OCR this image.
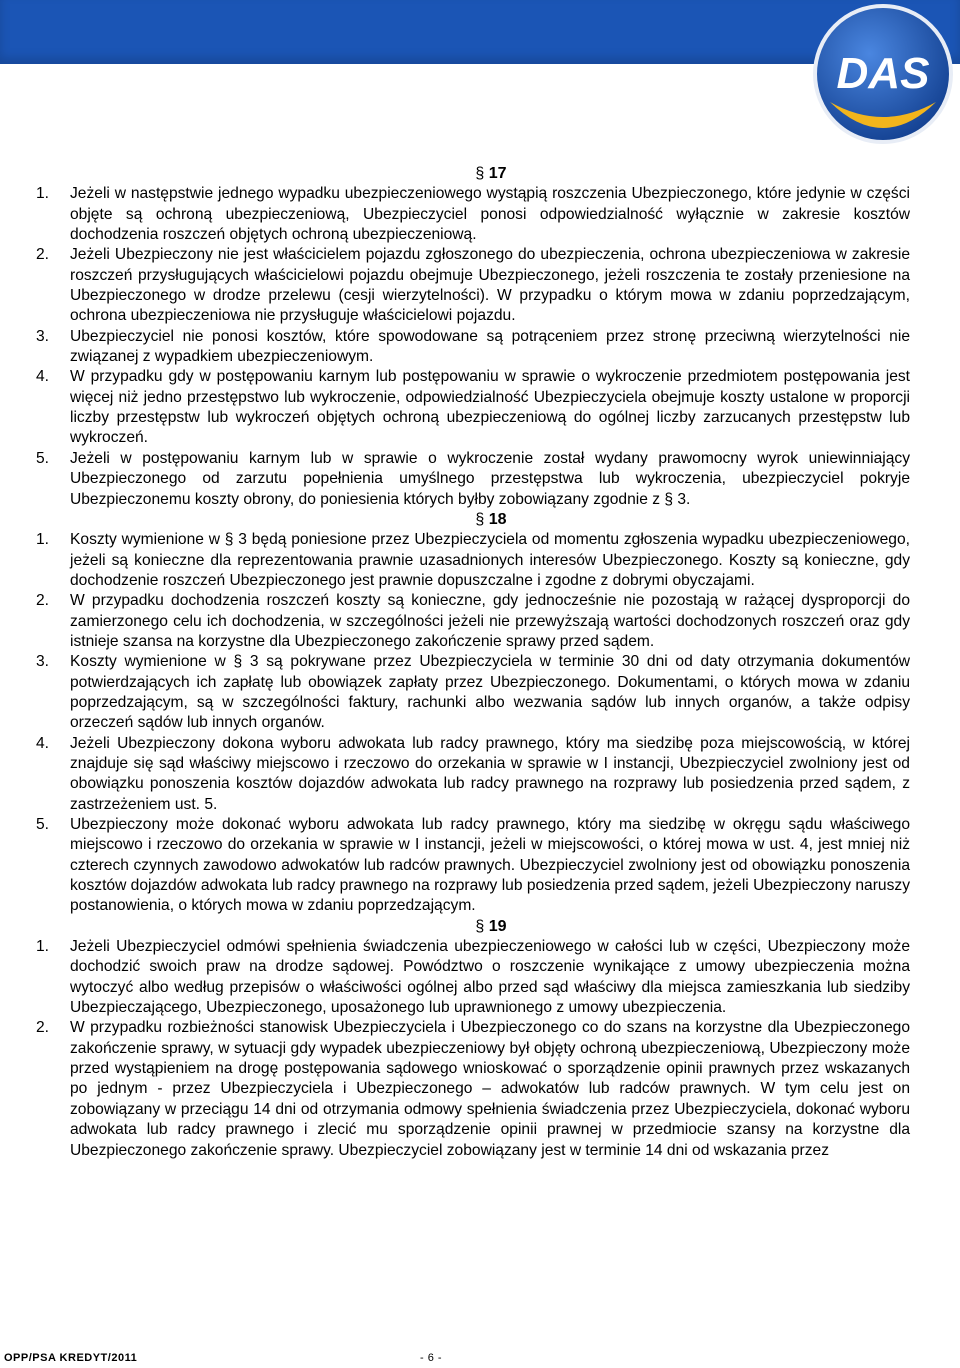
DAS
§ 17
1.	Jeżeli w następstwie jednego wypadku ubezpieczeniowego wystąpią roszczenia Ubezpieczonego, które jedynie w części objęte są ochroną ubezpieczeniową, Ubezpieczyciel ponosi odpowiedzialność wyłącznie w zakresie kosztów dochodzenia roszczeń objętych ochroną ubezpieczeniową.
2.	Jeżeli Ubezpieczony nie jest właścicielem pojazdu zgłoszonego do ubezpieczenia, ochrona ubezpieczeniowa w zakresie roszczeń przysługujących właścicielowi pojazdu obejmuje Ubezpieczonego, jeżeli roszczenia te zostały przeniesione na Ubezpieczonego w drodze przelewu (cesji wierzytelności). W przypadku o którym mowa w zdaniu poprzedzającym, ochrona ubezpieczeniowa nie przysługuje właścicielowi pojazdu.
3.	Ubezpieczyciel nie ponosi kosztów, które spowodowane są potrąceniem przez stronę przeciwną wierzytelności nie związanej z wypadkiem ubezpieczeniowym.
4.	W przypadku gdy w postępowaniu karnym lub postępowaniu w sprawie o wykroczenie przedmiotem postępowania jest więcej niż jedno przestępstwo lub wykroczenie, odpowiedzialność Ubezpieczyciela obejmuje koszty ustalone w proporcji liczby przestępstw lub wykroczeń objętych ochroną ubezpieczeniową do ogólnej liczby zarzucanych przestępstw lub wykroczeń.
5.	Jeżeli w postępowaniu karnym lub w sprawie o wykroczenie został wydany prawomocny wyrok uniewinniający Ubezpieczonego od zarzutu popełnienia umyślnego przestępstwa lub wykroczenia, ubezpieczyciel pokryje Ubezpieczonemu koszty obrony, do poniesienia których byłby zobowiązany zgodnie z § 3.
§ 18
1.	Koszty wymienione w § 3 będą poniesione przez Ubezpieczyciela od momentu zgłoszenia wypadku ubezpieczeniowego, jeżeli są konieczne dla reprezentowania prawnie uzasadnionych interesów Ubezpieczonego. Koszty są konieczne, gdy dochodzenie roszczeń Ubezpieczonego jest prawnie dopuszczalne i zgodne z dobrymi obyczajami.
2.	W przypadku dochodzenia roszczeń koszty są konieczne, gdy jednocześnie nie pozostają w rażącej dysproporcji do zamierzonego celu ich dochodzenia, w szczególności jeżeli nie przewyższają wartości dochodzonych roszczeń oraz gdy istnieje szansa na korzystne dla Ubezpieczonego zakończenie sprawy przed sądem.
3.	Koszty wymienione w § 3 są pokrywane przez Ubezpieczyciela w terminie 30 dni od daty otrzymania dokumentów potwierdzających ich zapłatę lub obowiązek zapłaty przez Ubezpieczonego. Dokumentami, o których mowa w zdaniu poprzedzającym, są w szczególności faktury, rachunki albo wezwania sądów lub innych organów, a także odpisy orzeczeń sądów lub innych organów.
4.	Jeżeli Ubezpieczony dokona wyboru adwokata lub radcy prawnego, który ma siedzibę poza miejscowością, w której znajduje się sąd właściwy miejscowo i rzeczowo do orzekania w sprawie w I instancji, Ubezpieczyciel zwolniony jest od obowiązku ponoszenia kosztów dojazdów adwokata lub radcy prawnego na rozprawy lub posiedzenia przed sądem, z zastrzeżeniem ust. 5.
5.	Ubezpieczony może dokonać wyboru adwokata lub radcy prawnego, który ma siedzibę w okręgu sądu właściwego miejscowo i rzeczowo do orzekania w sprawie w I instancji, jeżeli w miejscowości, o której mowa w ust. 4, jest mniej niż czterech czynnych zawodowo adwokatów lub radców prawnych. Ubezpieczyciel zwolniony jest od obowiązku ponoszenia kosztów dojazdów adwokata lub radcy prawnego na rozprawy lub posiedzenia przed sądem, jeżeli Ubezpieczony naruszy postanowienia, o których mowa w zdaniu poprzedzającym.
§ 19
1.	Jeżeli Ubezpieczyciel odmówi spełnienia świadczenia ubezpieczeniowego w całości lub w części, Ubezpieczony może dochodzić swoich praw na drodze sądowej. Powództwo o roszczenie wynikające z umowy ubezpieczenia można wytoczyć albo według przepisów o właściwości ogólnej albo przed sąd właściwy dla miejsca zamieszkania lub siedziby Ubezpieczającego, Ubezpieczonego, uposażonego lub uprawnionego z umowy ubezpieczenia.
2.	W przypadku rozbieżności stanowisk Ubezpieczyciela i Ubezpieczonego co do szans na korzystne dla Ubezpieczonego zakończenie sprawy, w sytuacji gdy wypadek ubezpieczeniowy był objęty ochroną ubezpieczeniową, Ubezpieczony może przed wystąpieniem na drogę postępowania sądowego wnioskować o sporządzenie opinii prawnych przez wskazanych po jednym - przez Ubezpieczyciela i Ubezpieczonego – adwokatów lub radców prawnych. W tym celu jest on zobowiązany w przeciągu 14 dni od otrzymania odmowy spełnienia świadczenia przez Ubezpieczyciela, dokonać wyboru adwokata lub radcy prawnego i zlecić mu sporządzenie opinii prawnej w przedmiocie szansy na korzystne dla Ubezpieczonego zakończenie sprawy. Ubezpieczyciel zobowiązany jest w terminie 14 dni od wskazania przez
OPP/PSA KREDYT/2011	- 6 -
